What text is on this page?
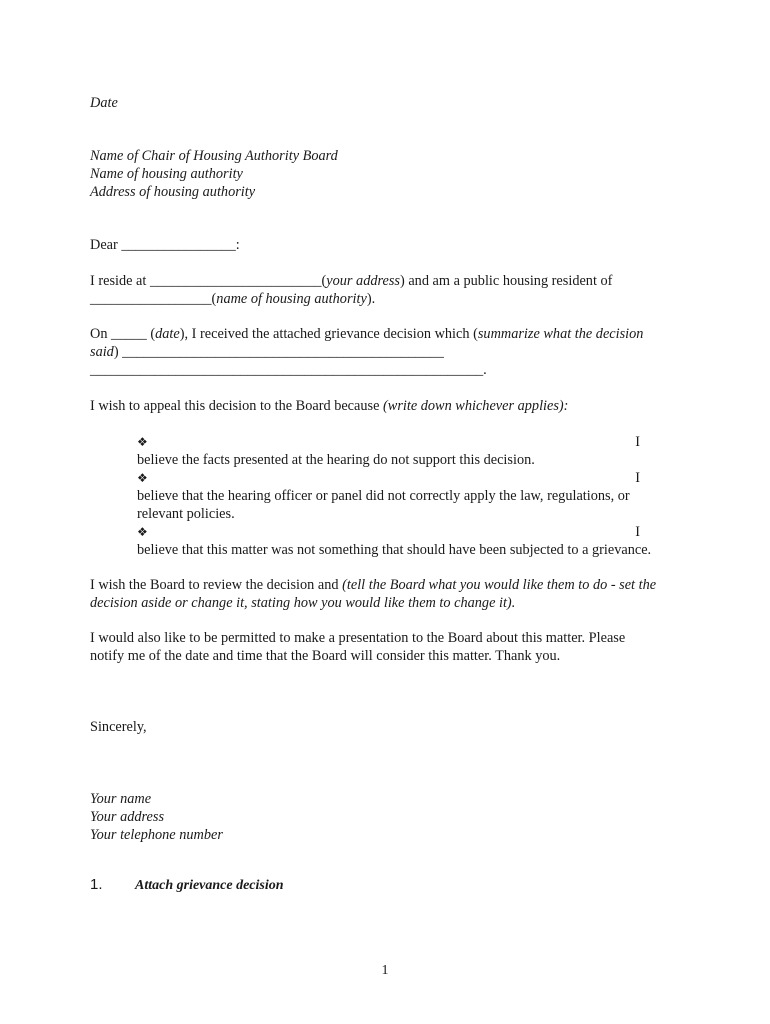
Date

Name of Chair of Housing Authority Board
Name of housing authority
Address of housing authority

Dear ________________:

I reside at ________________________(your address) and am a public housing resident of
_________________(name of housing authority).
On _____ (date), I received the attached grievance decision which (summarize what the decision
said) _____________________________________________
_______________________________________________________.

I wish to appeal this decision to the Board because (write down whichever applies):

❖	I
believe the facts presented at the hearing do not support this decision.
❖	I
believe that the hearing officer or panel did not correctly apply the law, regulations, or relevant policies.
❖	I
believe that this matter was not something that should have been subjected to a grievance.
I wish the Board to review the decision and (tell the Board what you would like them to do - set the
decision aside or change it, stating how you would like them to change it).
I would also like to be permitted to make a presentation to the Board about this matter. Please
notify me of the date and time that the Board will consider this matter. Thank you.

Sincerely,

Your name
Your address
Your telephone number
1. Attach grievance decision
1
